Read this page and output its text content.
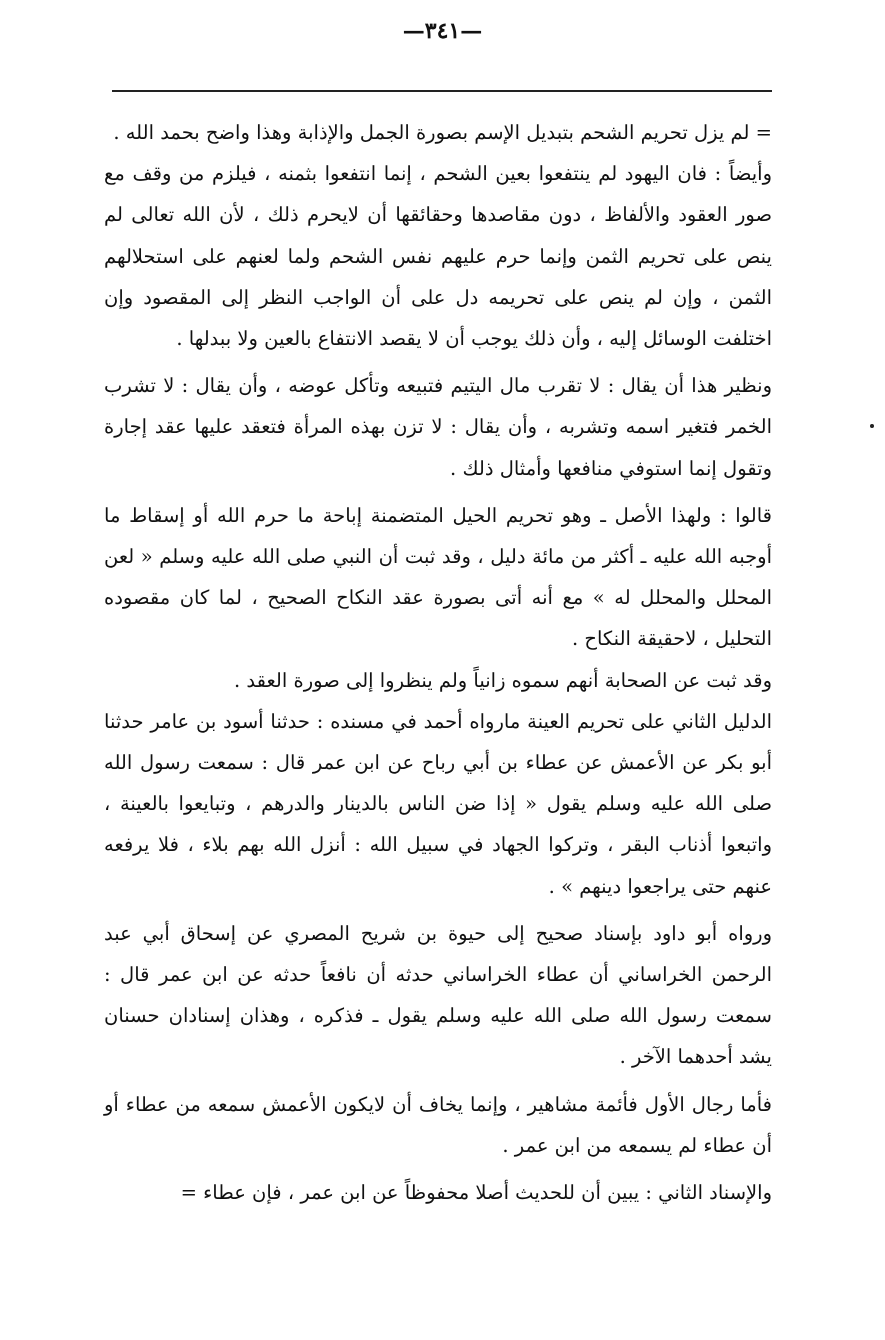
—٣٤١—

= لم يزل تحريم الشحم بتبديل الإسم بصورة الجمل والإذابة وهذا واضح بحمد الله .

وأيضاً : فان اليهود لم ينتفعوا بعين الشحم ، إنما انتفعوا بثمنه ، فيلزم من وقف مع صور العقود والألفاظ ، دون مقاصدها وحقائقها أن لايحرم ذلك ، لأن الله تعالى لم ينص على تحريم الثمن وإنما حرم عليهم نفس الشحم ولما لعنهم على استحلالهم الثمن ، وإن لم ينص على تحريمه دل على أن الواجب النظر إلى المقصود وإن اختلفت الوسائل إليه ، وأن ذلك يوجب أن لا يقصد الانتفاع بالعين ولا ببدلها .

ونظير هذا أن يقال : لا تقرب مال اليتيم فتبيعه وتأكل عوضه ، وأن يقال : لا تشرب الخمر فتغير اسمه وتشربه ، وأن يقال : لا تزن بهذه المرأة فتعقد عليها عقد إجارة وتقول إنما استوفي منافعها وأمثال ذلك .

قالوا : ولهذا الأصل ـ وهو تحريم الحيل المتضمنة إباحة ما حرم الله أو إسقاط ما أوجبه الله عليه ـ أكثر من مائة دليل ، وقد ثبت أن النبي صلى الله عليه وسلم « لعن المحلل والمحلل له » مع أنه أتى بصورة عقد النكاح الصحيح ، لما كان مقصوده التحليل ، لاحقيقة النكاح .

وقد ثبت عن الصحابة أنهم سموه زانياً ولم ينظروا إلى صورة العقد .

الدليل الثاني على تحريم العينة مارواه أحمد في مسنده : حدثنا أسود بن عامر حدثنا أبو بكر عن الأعمش عن عطاء بن أبي رباح عن ابن عمر قال : سمعت رسول الله صلى الله عليه وسلم يقول « إذا ضن الناس بالدينار والدرهم ، وتبايعوا بالعينة ، واتبعوا أذناب البقر ، وتركوا الجهاد في سبيل الله : أنزل الله بهم بلاء ، فلا يرفعه عنهم حتى يراجعوا دينهم » .

ورواه أبو داود بإسناد صحيح إلى حيوة بن شريح المصري عن إسحاق أبي عبد الرحمن الخراساني أن عطاء الخراساني حدثه أن نافعاً حدثه عن ابن عمر قال : سمعت رسول الله صلى الله عليه وسلم يقول ـ فذكره ، وهذان إسنادان حسنان يشد أحدهما الآخر .

فأما رجال الأول فأئمة مشاهير ، وإنما يخاف أن لايكون الأعمش سمعه من عطاء أو أن عطاء لم يسمعه من ابن عمر .

والإسناد الثاني : يبين أن للحديث أصلا محفوظاً عن ابن عمر ، فإن عطاء =
